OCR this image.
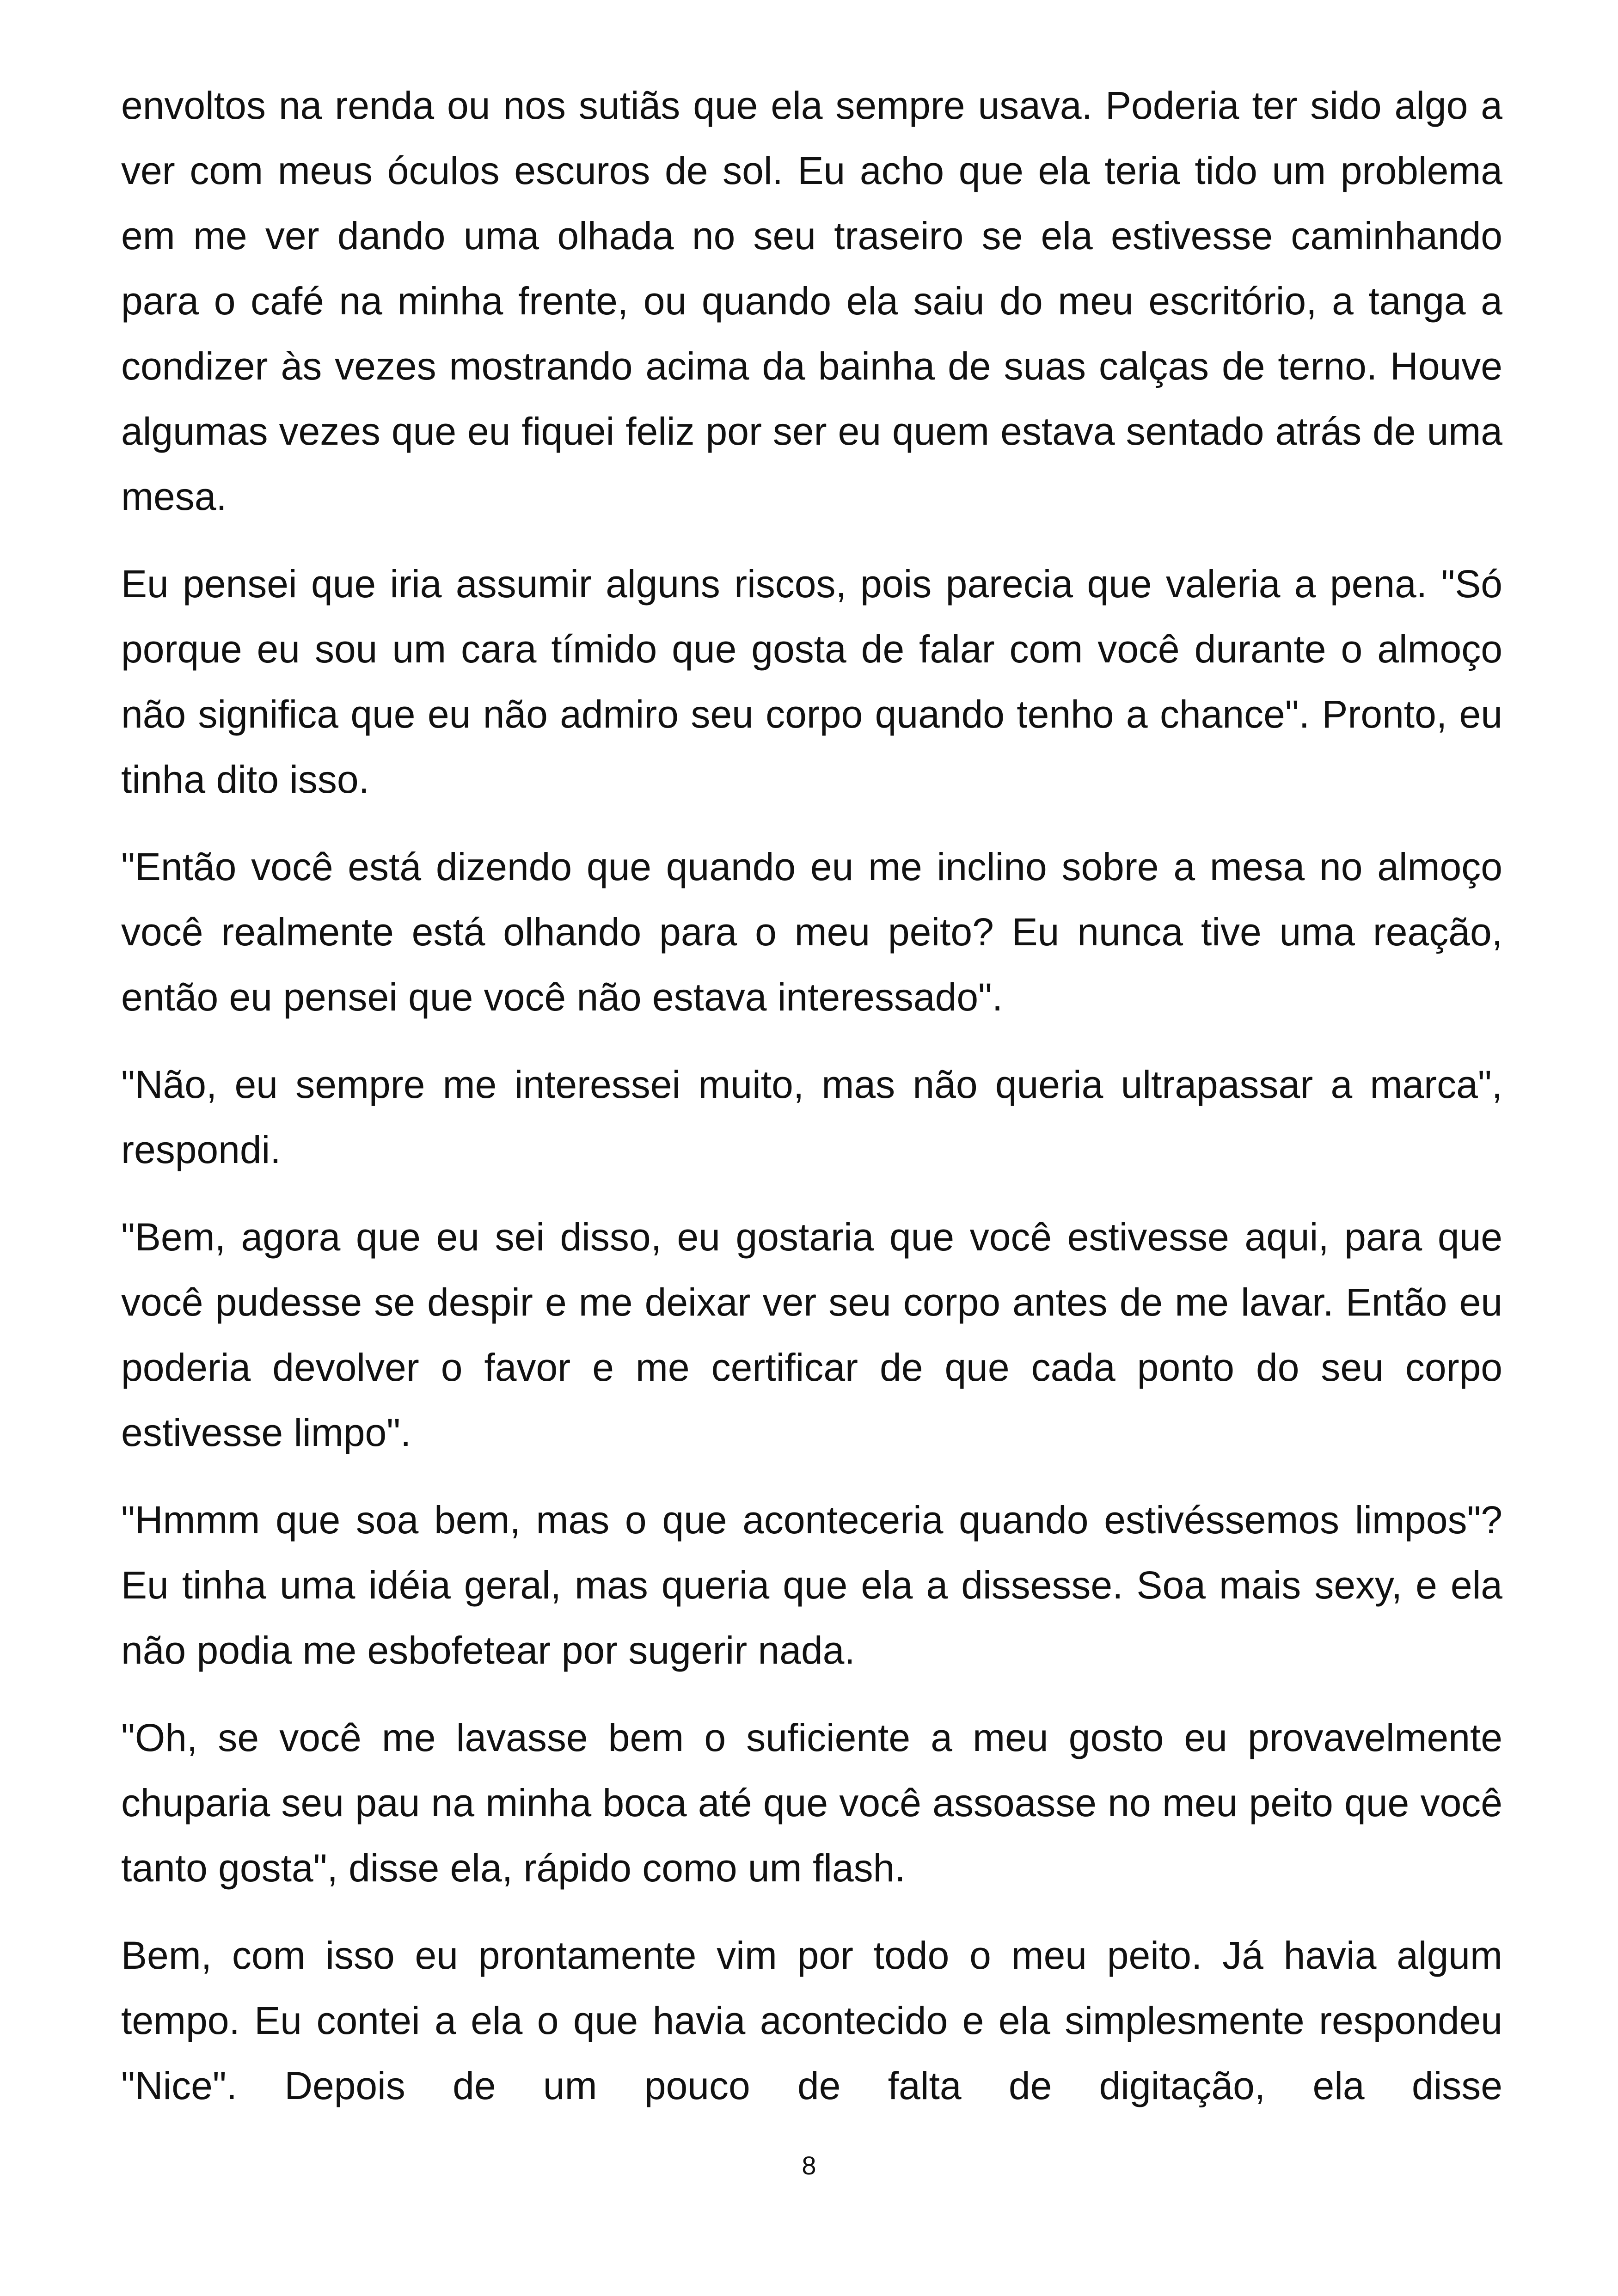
envoltos na renda ou nos sutiãs que ela sempre usava. Poderia ter sido algo a ver com meus óculos escuros de sol. Eu acho que ela teria tido um problema em me ver dando uma olhada no seu traseiro se ela estivesse caminhando para o café na minha frente, ou quando ela saiu do meu escritório, a tanga a condizer às vezes mostrando acima da bainha de suas calças de terno. Houve algumas vezes que eu fiquei feliz por ser eu quem estava sentado atrás de uma mesa.

Eu pensei que iria assumir alguns riscos, pois parecia que valeria a pena. "Só porque eu sou um cara tímido que gosta de falar com você durante o almoço não significa que eu não admiro seu corpo quando tenho a chance". Pronto, eu tinha dito isso.

"Então você está dizendo que quando eu me inclino sobre a mesa no almoço você realmente está olhando para o meu peito? Eu nunca tive uma reação, então eu pensei que você não estava interessado".

"Não, eu sempre me interessei muito, mas não queria ultrapassar a marca", respondi.

"Bem, agora que eu sei disso, eu gostaria que você estivesse aqui, para que você pudesse se despir e me deixar ver seu corpo antes de me lavar. Então eu poderia devolver o favor e me certificar de que cada ponto do seu corpo estivesse limpo".

"Hmmm que soa bem, mas o que aconteceria quando estivéssemos limpos"? Eu tinha uma idéia geral, mas queria que ela a dissesse. Soa mais sexy, e ela não podia me esbofetear por sugerir nada.

"Oh, se você me lavasse bem o suficiente a meu gosto eu provavelmente chuparia seu pau na minha boca até que você assoasse no meu peito que você tanto gosta", disse ela, rápido como um flash.

Bem, com isso eu prontamente vim por todo o meu peito. Já havia algum tempo. Eu contei a ela o que havia acontecido e ela simplesmente respondeu "Nice". Depois de um pouco de falta de digitação, ela disse

8
